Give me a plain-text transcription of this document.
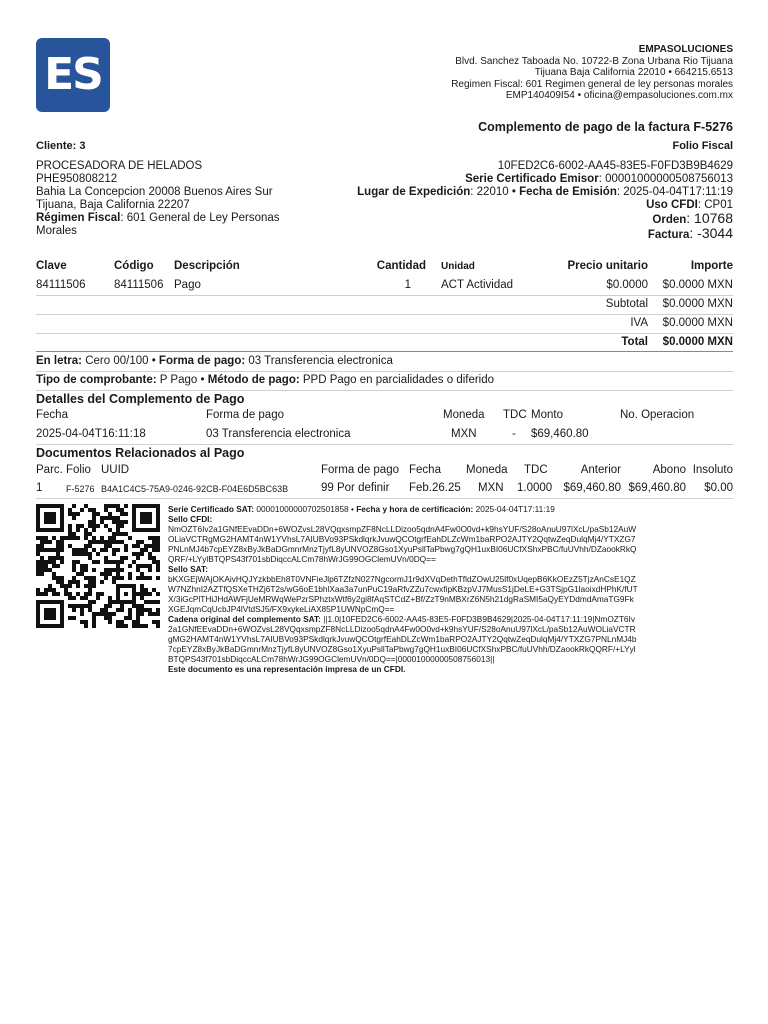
ES	EMPASOLUCIONES
Blvd. Sanchez Taboada No. 10722-B Zona Urbana Rio Tijuana
Tijuana Baja California 22010 • 664215.6513
Regimen Fiscal: 601 Regimen general de ley personas morales
EMP140409I54 • oficina@empasoluciones.com.mx
Complemento de pago de la factura F-5276
Cliente: 3	Folio Fiscal
PROCESADORA DE HELADOS
PHE950808212
Bahia La Concepcion 20008 Buenos Aires Sur
Tijuana, Baja California 22207
Régimen Fiscal: 601 General de Ley Personas Morales
10FED2C6-6002-AA45-83E5-F0FD3B9B4629
Serie Certificado Emisor: 00001000000508756013
Lugar de Expedición: 22010 • Fecha de Emisión: 2025-04-04T17:11:19
Uso CFDI: CP01
Orden: 10768
Factura: -3044
Clave	Código Descripción	Cantidad Unidad	Precio unitario	Importe
84111506 84111506 Pago	1	ACT Actividad	$0.0000 $0.0000 MXN
Subtotal $0.0000 MXN
IVA $0.0000 MXN
Total $0.0000 MXN
En letra: Cero 00/100 • Forma de pago: 03 Transferencia electronica
Tipo de comprobante: P Pago • Método de pago: PPD Pago en parcialidades o diferido
Detalles del Complemento de Pago
Fecha	Forma de pago	Moneda TDC Monto	No. Operacion
2025-04-04T16:11:18	03 Transferencia electronica	MXN	- $69,460.80
Documentos Relacionados al Pago
Parc. Folio UUID	Forma de pago Fecha Moneda TDC	Anterior	Abono Insoluto
1	F-5276 B4A1C4C5-75A9-0246-92CB-F04E6D5BC63B	99 Por definir Feb.26.25 MXN 1.0000 $69,460.80 $69,460.80 $0.00
Serie Certificado SAT: 00001000000702501858 • Fecha y hora de certificación: 2025-04-04T17:11:19
Sello CFDI:
NmOZT6Iv2a1GNfEEvaDDn+6WOZvsL28VQqxsmpZF8NcLLDizoo5qdnA4Fw0O0vd+k9hsYUF/S28oAnuU97lXcL/paSb12AuWOLiaVCTRgMG2HAMT4nW1YVhsL7AIUBVo93PSkdlqrkJvuwQCOtgrfEahDLZcWm1baRPO2AJTY2QqtwZeqDulqMj4/YTXZG7PNLnMJ4b7cpEYZ8xByJkBaDGmnrMnzTjyfL8yUNVOZ8Gso1XyuPsllTaPbwg7gQH1uxBI06UCfXShxPBC/fuUVhh/DZaookRkQQRF/+LYylBTQPS43f701sbDiqccALCm78hWrJG99OGClemUVn/0DQ==
Sello SAT:
bKXGEjWAjOKAivHQJYzkbbEh8T0VNFieJlp6TZfzN027NgcormJ1r9dXVqDethTfldZOwU25lf0xUqepB6KkOEzZ5TjzAnCsE1QZW7NZhnI2AZTfQSXeTHZj6T2s/wG6oE1bhlXaa3a7unPuC19aRfvZZu7cwxfipKBzpVJ7MusS1jDeLE+G3TSjpG1laoixdHPhK/fUTX/3iGcPlTHiJHdAWFjUeMRWqWePzrSPhztxWtf6y2gi8fAqSTCdZ+Bf/ZzT9nMBXrZ6N5h21dgRaSMI5aQyEYDdmdAmaTG9FkXGEJqmCqUcbJP4lVtdSJ5/FX9xykeLiAX85P1UWNpCmQ==
Cadena original del complemento SAT: ||1.0|10FED2C6-6002-AA45-83E5-F0FD3B9B4629|2025-04-04T17:11:19|NmOZT6Iv2a1GNfEEvaDDn+6WOZvsL28VQqxsmpZF8NcLLDizoo5qdnA4Fw0O0vd+k9hsYUF/S28oAnuU97lXcL/paSb12AuWOLiaVCTRgMG2HAMT4nW1YVhsL7AIUBVo93PSkdlqrkJvuwQCOtgrfEahDLZcWm1baRPO2AJTY2QqtwZeqDulqMj4/YTXZG7PNLnMJ4b7cpEYZ8xByJkBaDGmnrMnzTjyfL8yUNVOZ8Gso1XyuPsllTaPbwg7gQH1uxBI06UCfXShxPBC/fuUVhh/DZaookRkQQRF/+LYylBTQPS43f701sbDiqccALCm78hWrJG99OGClemUVn/0DQ==|00001000000508756013||
Este documento es una representación impresa de un CFDI.
